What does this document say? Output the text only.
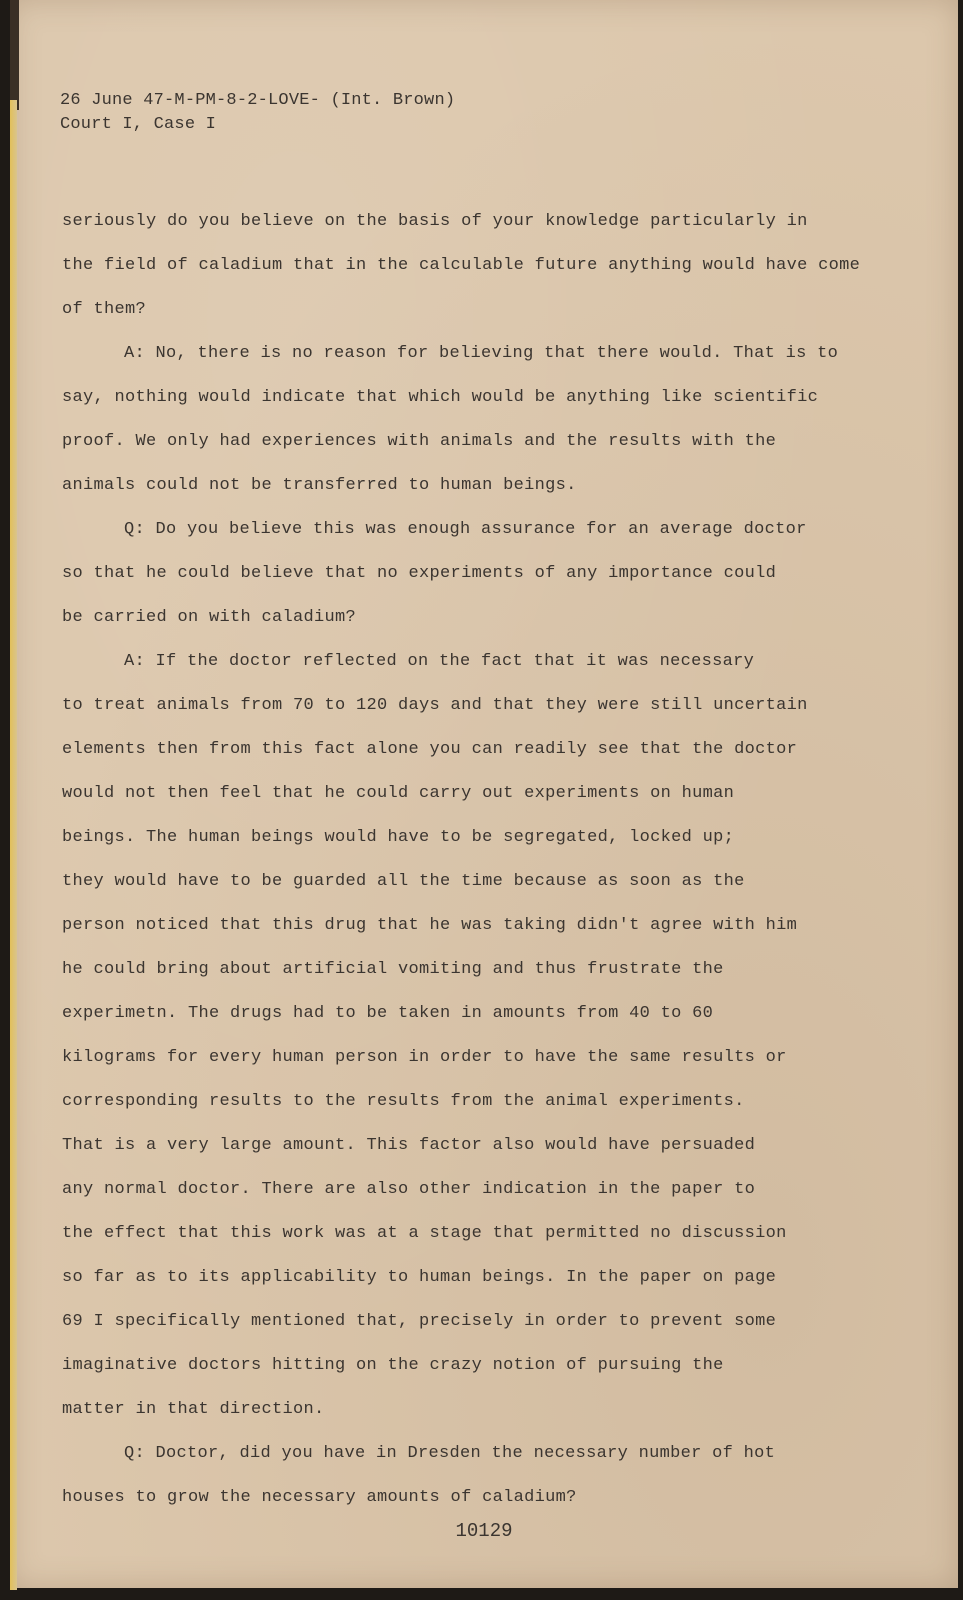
26 June 47-M-PM-8-2-LOVE- (Int. Brown)
Court I, Case I
seriously do you believe on the basis of your knowledge particularly in
the field of caladium that in the calculable future anything would have come
of them?
A: No, there is no reason for believing that there would. That is to
say, nothing would indicate that which would be anything like scientific
proof. We only had experiences with animals and the results with the
animals could not be transferred to human beings.
Q: Do you believe this was enough assurance for an average doctor
so that he could believe that no experiments of any importance could
be carried on with caladium?
A: If the doctor reflected on the fact that it was necessary
to treat animals from 70 to 120 days and that they were still uncertain
elements then from this fact alone you can readily see that the doctor
would not then feel that he could carry out experiments on human
beings. The human beings would have to be segregated, locked up;
they would have to be guarded all the time because as soon as the
person noticed that this drug that he was taking didn't agree with him
he could bring about artificial vomiting and thus frustrate the
experimetn. The drugs had to be taken in amounts from 40 to 60
kilograms for every human person in order to have the same results or
corresponding results to the results from the animal experiments.
That is a very large amount. This factor also would have persuaded
any normal doctor. There are also other indication in the paper to
the effect that this work was at a stage that permitted no discussion
so far as to its applicability to human beings. In the paper on page
69 I specifically mentioned that, precisely in order to prevent some
imaginative doctors hitting on the crazy notion of pursuing the
matter in that direction.
Q: Doctor, did you have in Dresden the necessary number of hot
houses to grow the necessary amounts of caladium?
10129
